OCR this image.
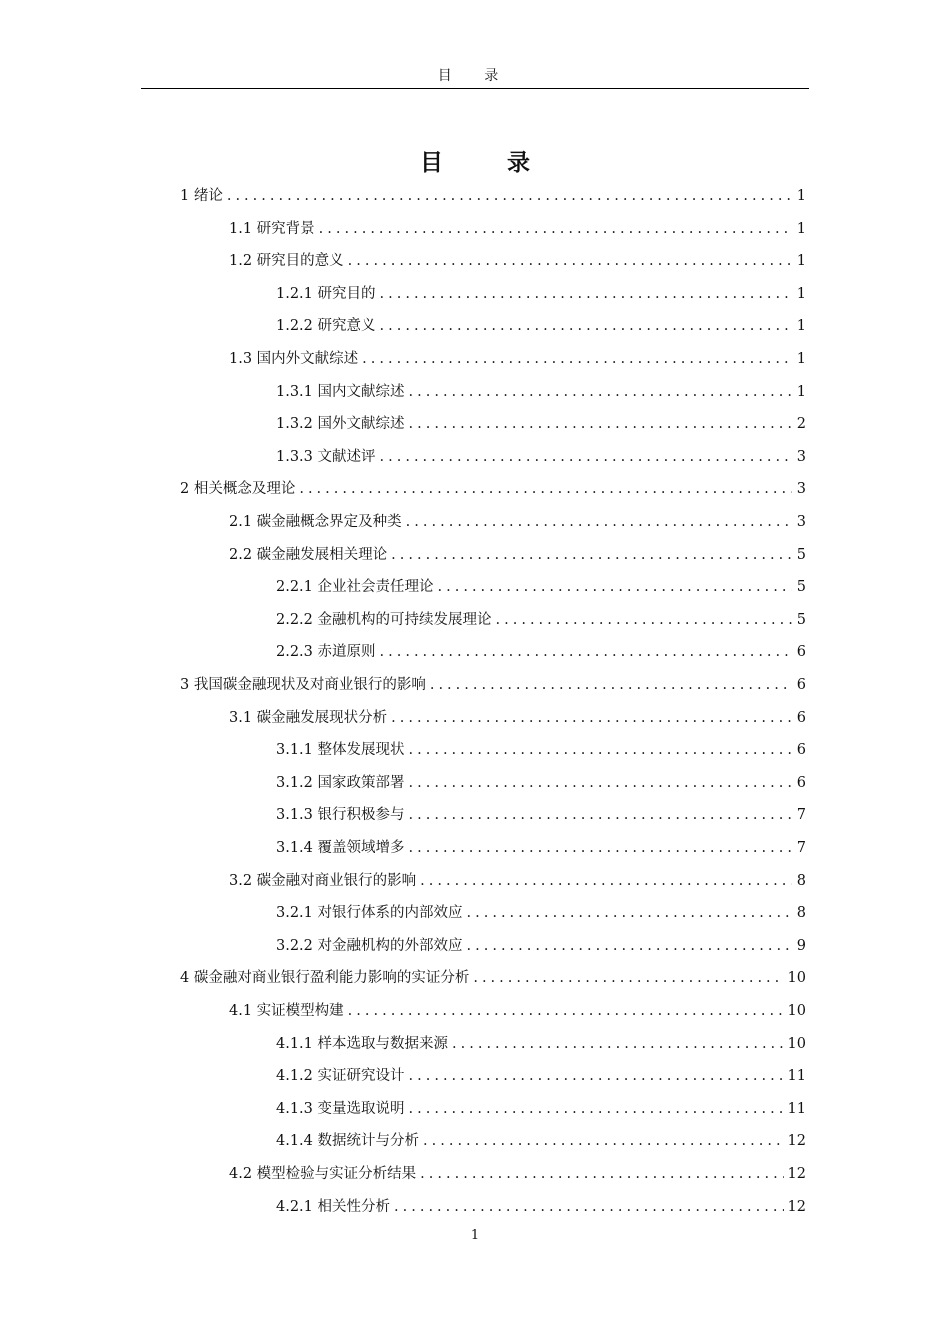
目 录
目 录
1 绪论 .....	1
1.1 研究背景 .....	1
1.2 研究目的意义 .....	1
1.2.1 研究目的 .....	1
1.2.2 研究意义 .....	1
1.3 国内外文献综述 .....	1
1.3.1 国内文献综述 .....	1
1.3.2 国外文献综述 .....	2
1.3.3 文献述评 .....	3
2 相关概念及理论 .....	3
2.1 碳金融概念界定及种类 .....	3
2.2 碳金融发展相关理论 .....	5
2.2.1 企业社会责任理论 .....	5
2.2.2 金融机构的可持续发展理论 .....	5
2.2.3 赤道原则 .....	6
3 我国碳金融现状及对商业银行的影响 .....	6
3.1 碳金融发展现状分析 .....	6
3.1.1 整体发展现状 .....	6
3.1.2 国家政策部署 .....	6
3.1.3 银行积极参与 .....	7
3.1.4 覆盖领域增多 .....	7
3.2 碳金融对商业银行的影响 .....	8
3.2.1 对银行体系的内部效应 .....	8
3.2.2 对金融机构的外部效应 .....	9
4 碳金融对商业银行盈利能力影响的实证分析 .....	10
4.1 实证模型构建 .....	10
4.1.1 样本选取与数据来源 .....	10
4.1.2 实证研究设计 .....	11
4.1.3 变量选取说明 .....	11
4.1.4 数据统计与分析 .....	12
4.2 模型检验与实证分析结果 .....	12
4.2.1 相关性分析 .....	12
1
